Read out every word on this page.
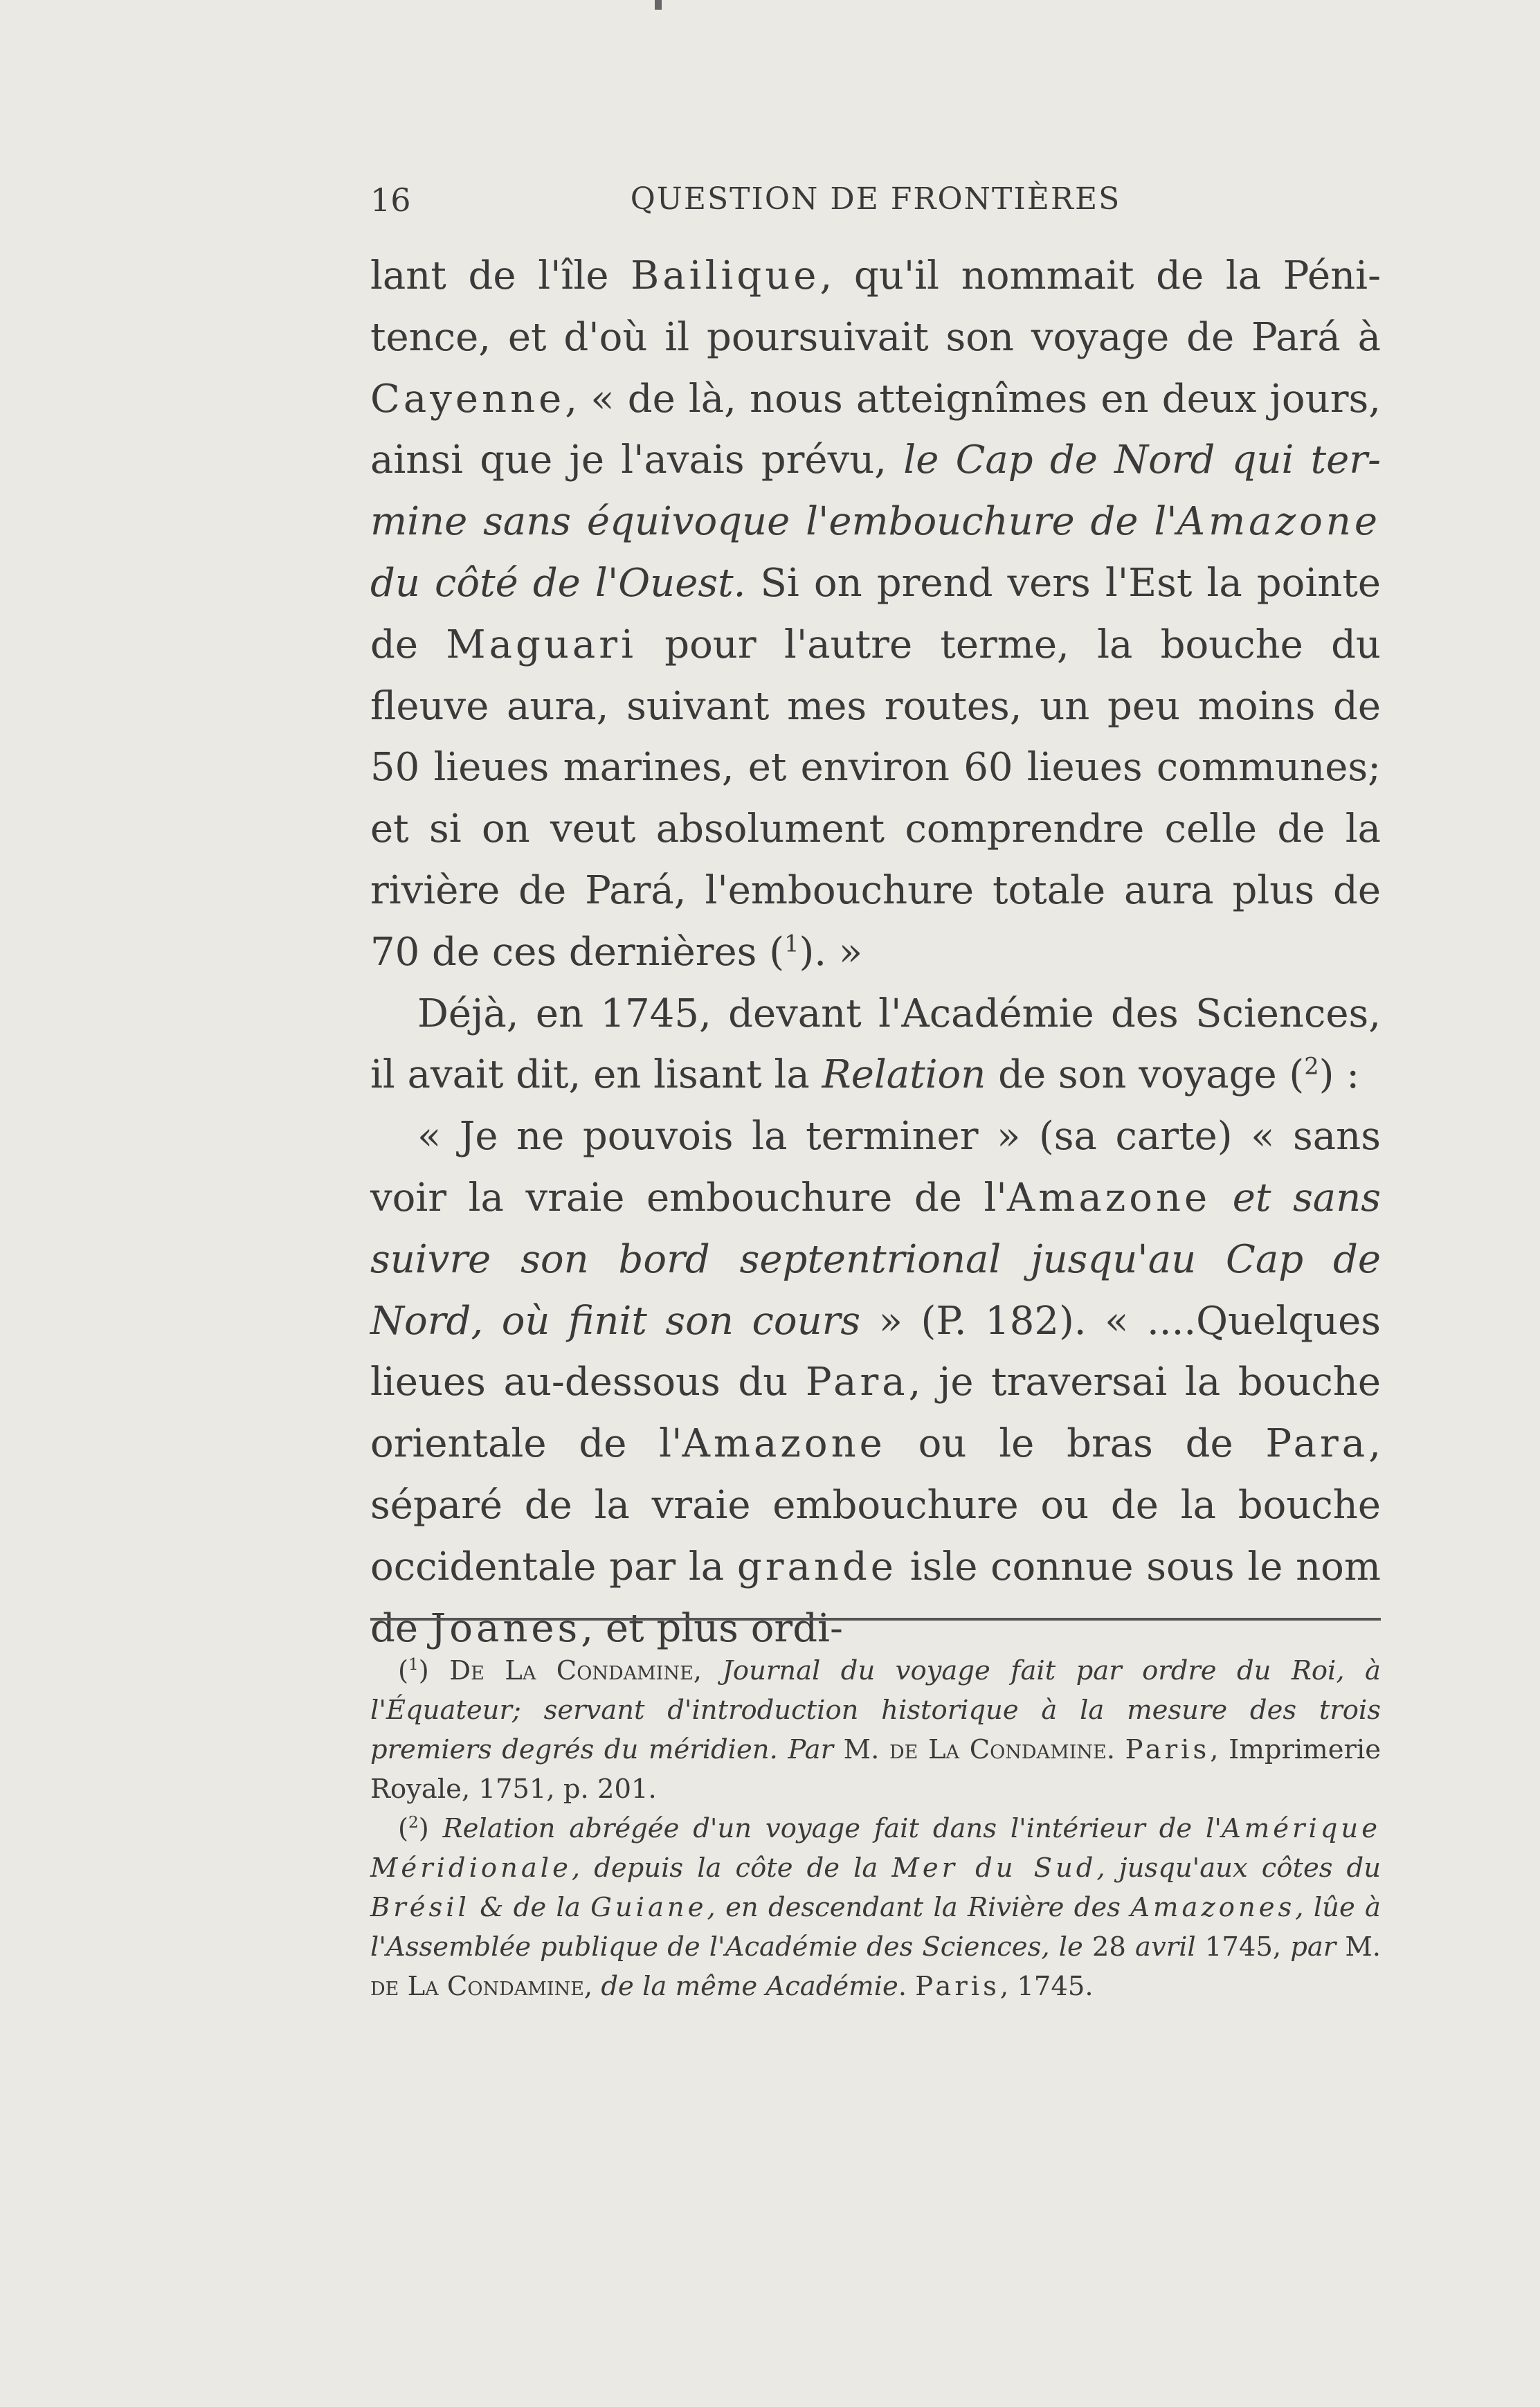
16	QUESTION DE FRONTIÈRES

lant de l'île Bailique, qu'il nommait de la Pénitence, et d'où il poursuivait son voyage de Pará à Cayenne, « de là, nous atteignîmes en deux jours, ainsi que je l'avais prévu, le Cap de Nord qui termine sans équivoque l'embouchure de l'Amazone du côté de l'Ouest. Si on prend vers l'Est la pointe de Maguari pour l'autre terme, la bouche du fleuve aura, suivant mes routes, un peu moins de 50 lieues marines, et environ 60 lieues communes; et si on veut absolument comprendre celle de la rivière de Pará, l'embouchure totale aura plus de 70 de ces dernières ($^1$). »

Déjà, en 1745, devant l'Académie des Sciences, il avait dit, en lisant la Relation de son voyage ($^2$) :

« Je ne pouvois la terminer » (sa carte) « sans voir la vraie embouchure de l'Amazone et sans suivre son bord septentrional jusqu'au Cap de Nord, où finit son cours » (P. 182). « ....Quelques lieues au-dessous du Para, je traversai la bouche orientale de l'Amazone ou le bras de Para, séparé de la vraie embouchure ou de la bouche occidentale par la grande isle connue sous le nom de Joanes, et plus ordi-

($^1$) De La Condamine, Journal du voyage fait par ordre du Roi, à l'Équateur; servant d'introduction historique à la mesure des trois premiers degrés du méridien. Par M. de La Condamine. Paris, Imprimerie Royale, 1751, p. 201.

($^2$) Relation abrégée d'un voyage fait dans l'intérieur de l'Amérique Méridionale, depuis la côte de la Mer du Sud, jusqu'aux côtes du Brésil & de la Guiane, en descendant la Rivière des Amazones, lûe à l'Assemblée publique de l'Académie des Sciences, le 28 avril 1745, par M. de La Condamine, de la même Académie. Paris, 1745.
